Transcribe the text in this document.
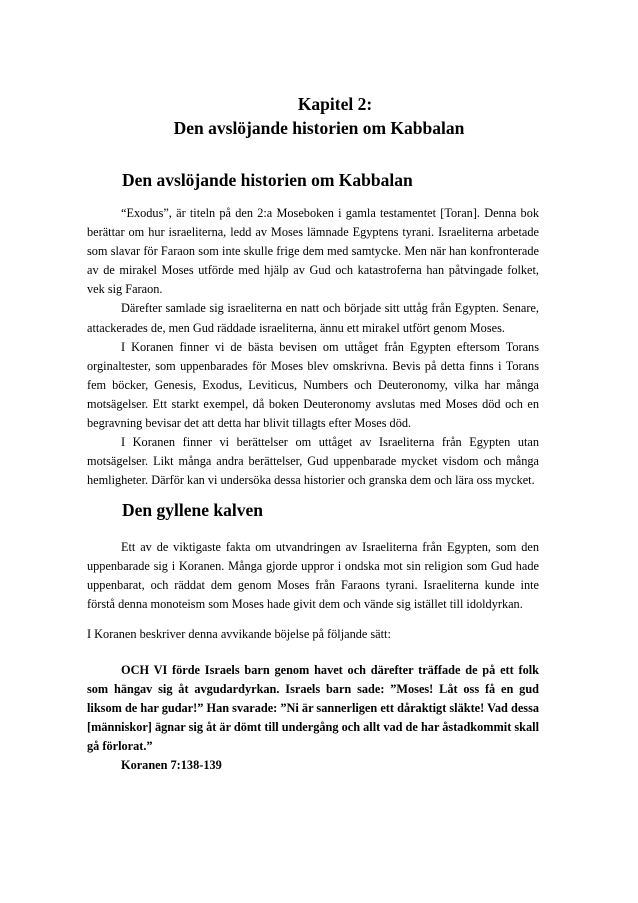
Kapitel 2:
Den avslöjande historien om Kabbalan
Den avslöjande historien om Kabbalan

“Exodus”, är titeln på den 2:a Moseboken i gamla testamentet [Toran]. Denna bok berättar om hur israeliterna, ledd av Moses lämnade Egyptens tyrani. Israeliterna arbetade som slavar för Faraon som inte skulle frige dem med samtycke. Men när han konfronterade av de mirakel Moses utförde med hjälp av Gud och katastroferna han påtvingade folket, vek sig Faraon.

Därefter samlade sig israeliterna en natt och började sitt uttåg från Egypten. Senare, attackerades de, men Gud räddade israeliterna, ännu ett mirakel utfört genom Moses.

I Koranen finner vi de bästa bevisen om uttåget från Egypten eftersom Torans orginaltester, som uppenbarades för Moses blev omskrivna. Bevis på detta finns i Torans fem böcker, Genesis, Exodus, Leviticus, Numbers och Deuteronomy, vilka har många motsägelser. Ett starkt exempel, då boken Deuteronomy avslutas med Moses död och en begravning bevisar det att detta har blivit tillagts efter Moses död.

I Koranen finner vi berättelser om uttåget av Israeliterna från Egypten utan motsägelser. Likt många andra berättelser, Gud uppenbarade mycket visdom och många hemligheter. Därför kan vi undersöka dessa historier och granska dem och lära oss mycket.

Den gyllene kalven

Ett av de viktigaste fakta om utvandringen av Israeliterna från Egypten, som den uppenbarade sig i Koranen. Många gjorde uppror i ondska mot sin religion som Gud hade uppenbarat, och räddat dem genom Moses från Faraons tyrani. Israeliterna kunde inte förstå denna monoteism som Moses hade givit dem och vände sig istället till idoldyrkan.

I Koranen beskriver denna avvikande böjelse på följande sätt:

OCH VI förde Israels barn genom havet och därefter träffade de på ett folk som hängav sig åt avgudardyrkan. Israels barn sade: ”Moses! Låt oss få en gud liksom de har gudar!” Han svarade: ”Ni är sannerligen ett dåraktigt släkte! Vad dessa [människor] ägnar sig åt är dömt till undergång och allt vad de har åstadkommit skall gå förlorat.”

Koranen 7:138-139
